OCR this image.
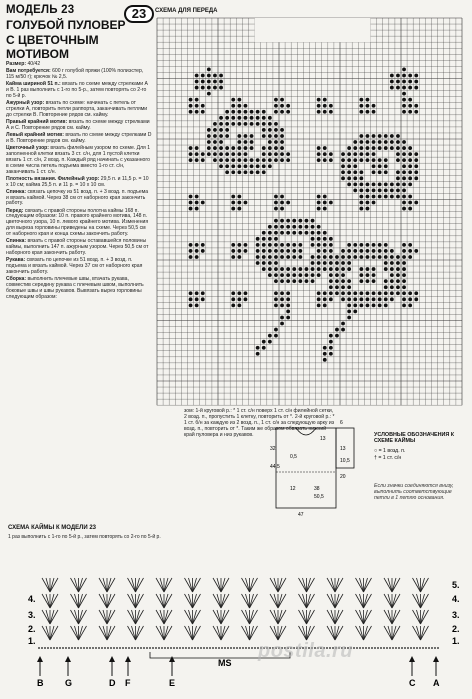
МОДЕЛЬ 23	23
ГОЛУБОЙ ПУЛОВЕР
С ЦВЕТОЧНЫМ
МОТИВОМ

Размер: 40/42

Вам потребуется: 600 г голубой пряжи (100% полиэстер, 115 м/50 г); крючок № 2,5.

Кайма шириной 51 п.: вязать по схеме между стрелками А и В. 1 раз выполнить с 1-го по 5-р., затем повторять со 2-го по 5-й р.

Ажурный узор: вязать по схеме: начинать с петель от стрелки А, повторить петли раппорта, заканчивать петлями до стрелки В. Повторение рядов см. кайму.

Правый крайний мотив: вязать по схеме между стрелками А и С. Повторение рядов см. кайму.

Левый крайний мотив: вязать по схеме между стрелками D и B. Повторение рядов см. кайму.

Цветочный узор: вязать филейным узором по схеме. Для 1 заполненной клетки вязать 3 ст. с/н, для 1 пустой клетки вязать 1 ст. с/н, 2 возд. п. Каждый ряд начинать с указанного в схеме числа петель подъема вместо 1-го ст. с/н, заканчивать 1 ст. с/н.

Плотность вязания. Филейный узор: 29,5 п. и 11,5 р. = 10 х 10 см; кайма 25,5 п. и 11 р. = 10 х 10 см.

Спинка: связать цепочку из 51 возд. п. + 3 возд. п. подъема и вязать каймой. Через 38 см от наборного края закончить работу.

Перед: связать с правой стороны полотна каймы 168 п. следующим образом: 10 п. правого крайнего мотива, 148 п. цветочного узора, 10 п. левого крайнего мотива. Изменения для выреза горловины приведены на схеме. Через 50,5 см от наборного края и конца схемы закончить работу.

Спинка: вязать с правой стороны остававшейся половины каймы, выполнить 147 п. ажурным узором. Через 50,5 см от наборного края закончить работу.

Рукава: связать по цепочке из 51 возд. п. + 3 возд. п. подъема и вязать каймой. Через 37 см от наборного края закончить работу.

Сборка: выполнить плечевые швы, втачать рукава, совместив середину рукава с плечевым швом, выполнить боковые швы и швы рукавов. Вывязать вырез горловины следующим образом:

СХЕМА ДЛЯ ПЕРЕДА
зом: 1-й круговой р.: * 1 ст. с/н поверх 1 ст. с/н филейной сетки, 2 возд. п., пропустить 1 клетку, повторить от *. 2-й круговой р.: * 1 ст. б/н за каждую из 2 возд. п., 1 ст. с/н за следующую арку из возд. п., повторить от *. Таким же образом обвязать нижний край пуловера и низ рукавов.
32
44,5
6
13
47
20
12	38
50,5
0,5
13
10,5
УСЛОВНЫЕ ОБОЗНАЧЕНИЯ К СХЕМЕ КАЙМЫ
○ = 1 возд. п.
† = 1 ст. с/н
Если значки соединяются внизу, выполнить соответствующие петли в 1 петлю основания.
СХЕМА КАЙМЫ К МОДЕЛИ 23
1 раз выполнить с 1-го по 5-й р., затем повторять со 2-го по 5-й р.
5.
4.
3.
2.
1.
4.
3.
2.
1.
B G	D F	E	C A
MS
postila.ru
